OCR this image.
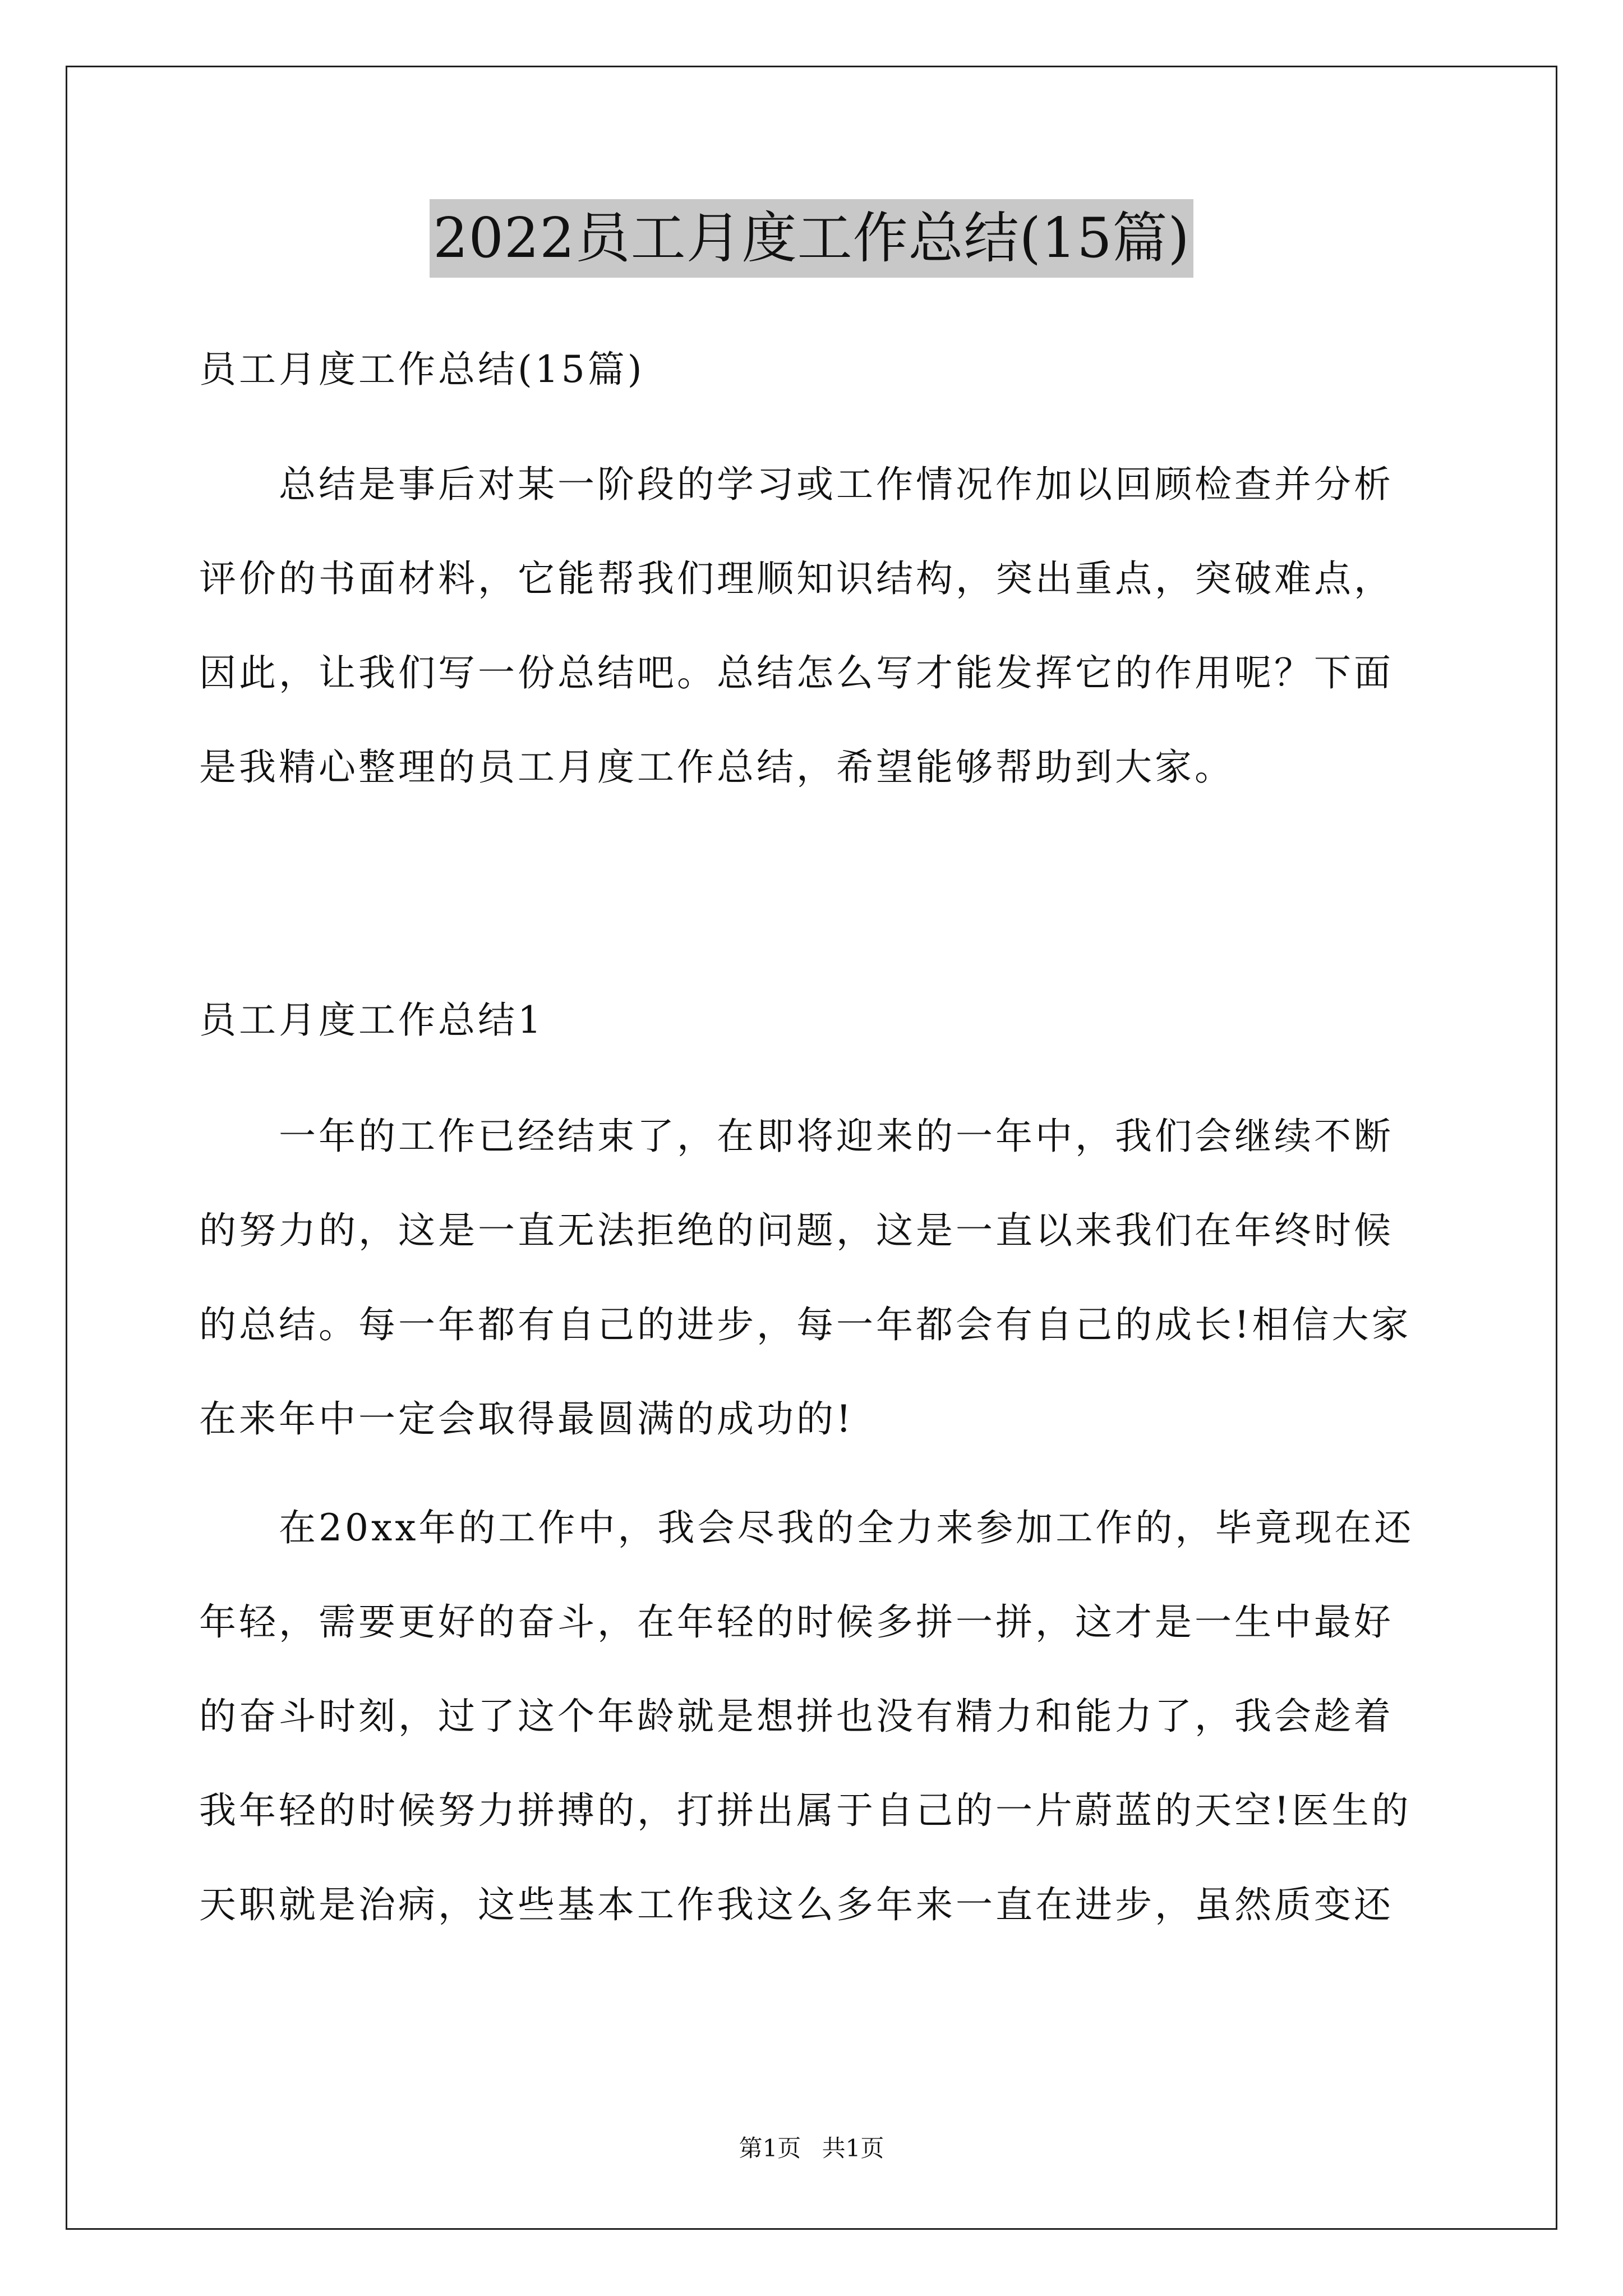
2022员工月度工作总结(15篇)
员工月度工作总结(15篇)
　　总结是事后对某一阶段的学习或工作情况作加以回顾检查并分析
评价的书面材料，它能帮我们理顺知识结构，突出重点，突破难点，
因此，让我们写一份总结吧。总结怎么写才能发挥它的作用呢？下面
是我精心整理的员工月度工作总结，希望能够帮助到大家。
员工月度工作总结1
　　一年的工作已经结束了，在即将迎来的一年中，我们会继续不断
的努力的，这是一直无法拒绝的问题，这是一直以来我们在年终时候
的总结。每一年都有自己的进步，每一年都会有自己的成长!相信大家
在来年中一定会取得最圆满的成功的!
　　在20xx年的工作中，我会尽我的全力来参加工作的，毕竟现在还
年轻，需要更好的奋斗，在年轻的时候多拼一拼，这才是一生中最好
的奋斗时刻，过了这个年龄就是想拼也没有精力和能力了，我会趁着
我年轻的时候努力拼搏的，打拼出属于自己的一片蔚蓝的天空!医生的
天职就是治病，这些基本工作我这么多年来一直在进步，虽然质变还
第1页 共1页
